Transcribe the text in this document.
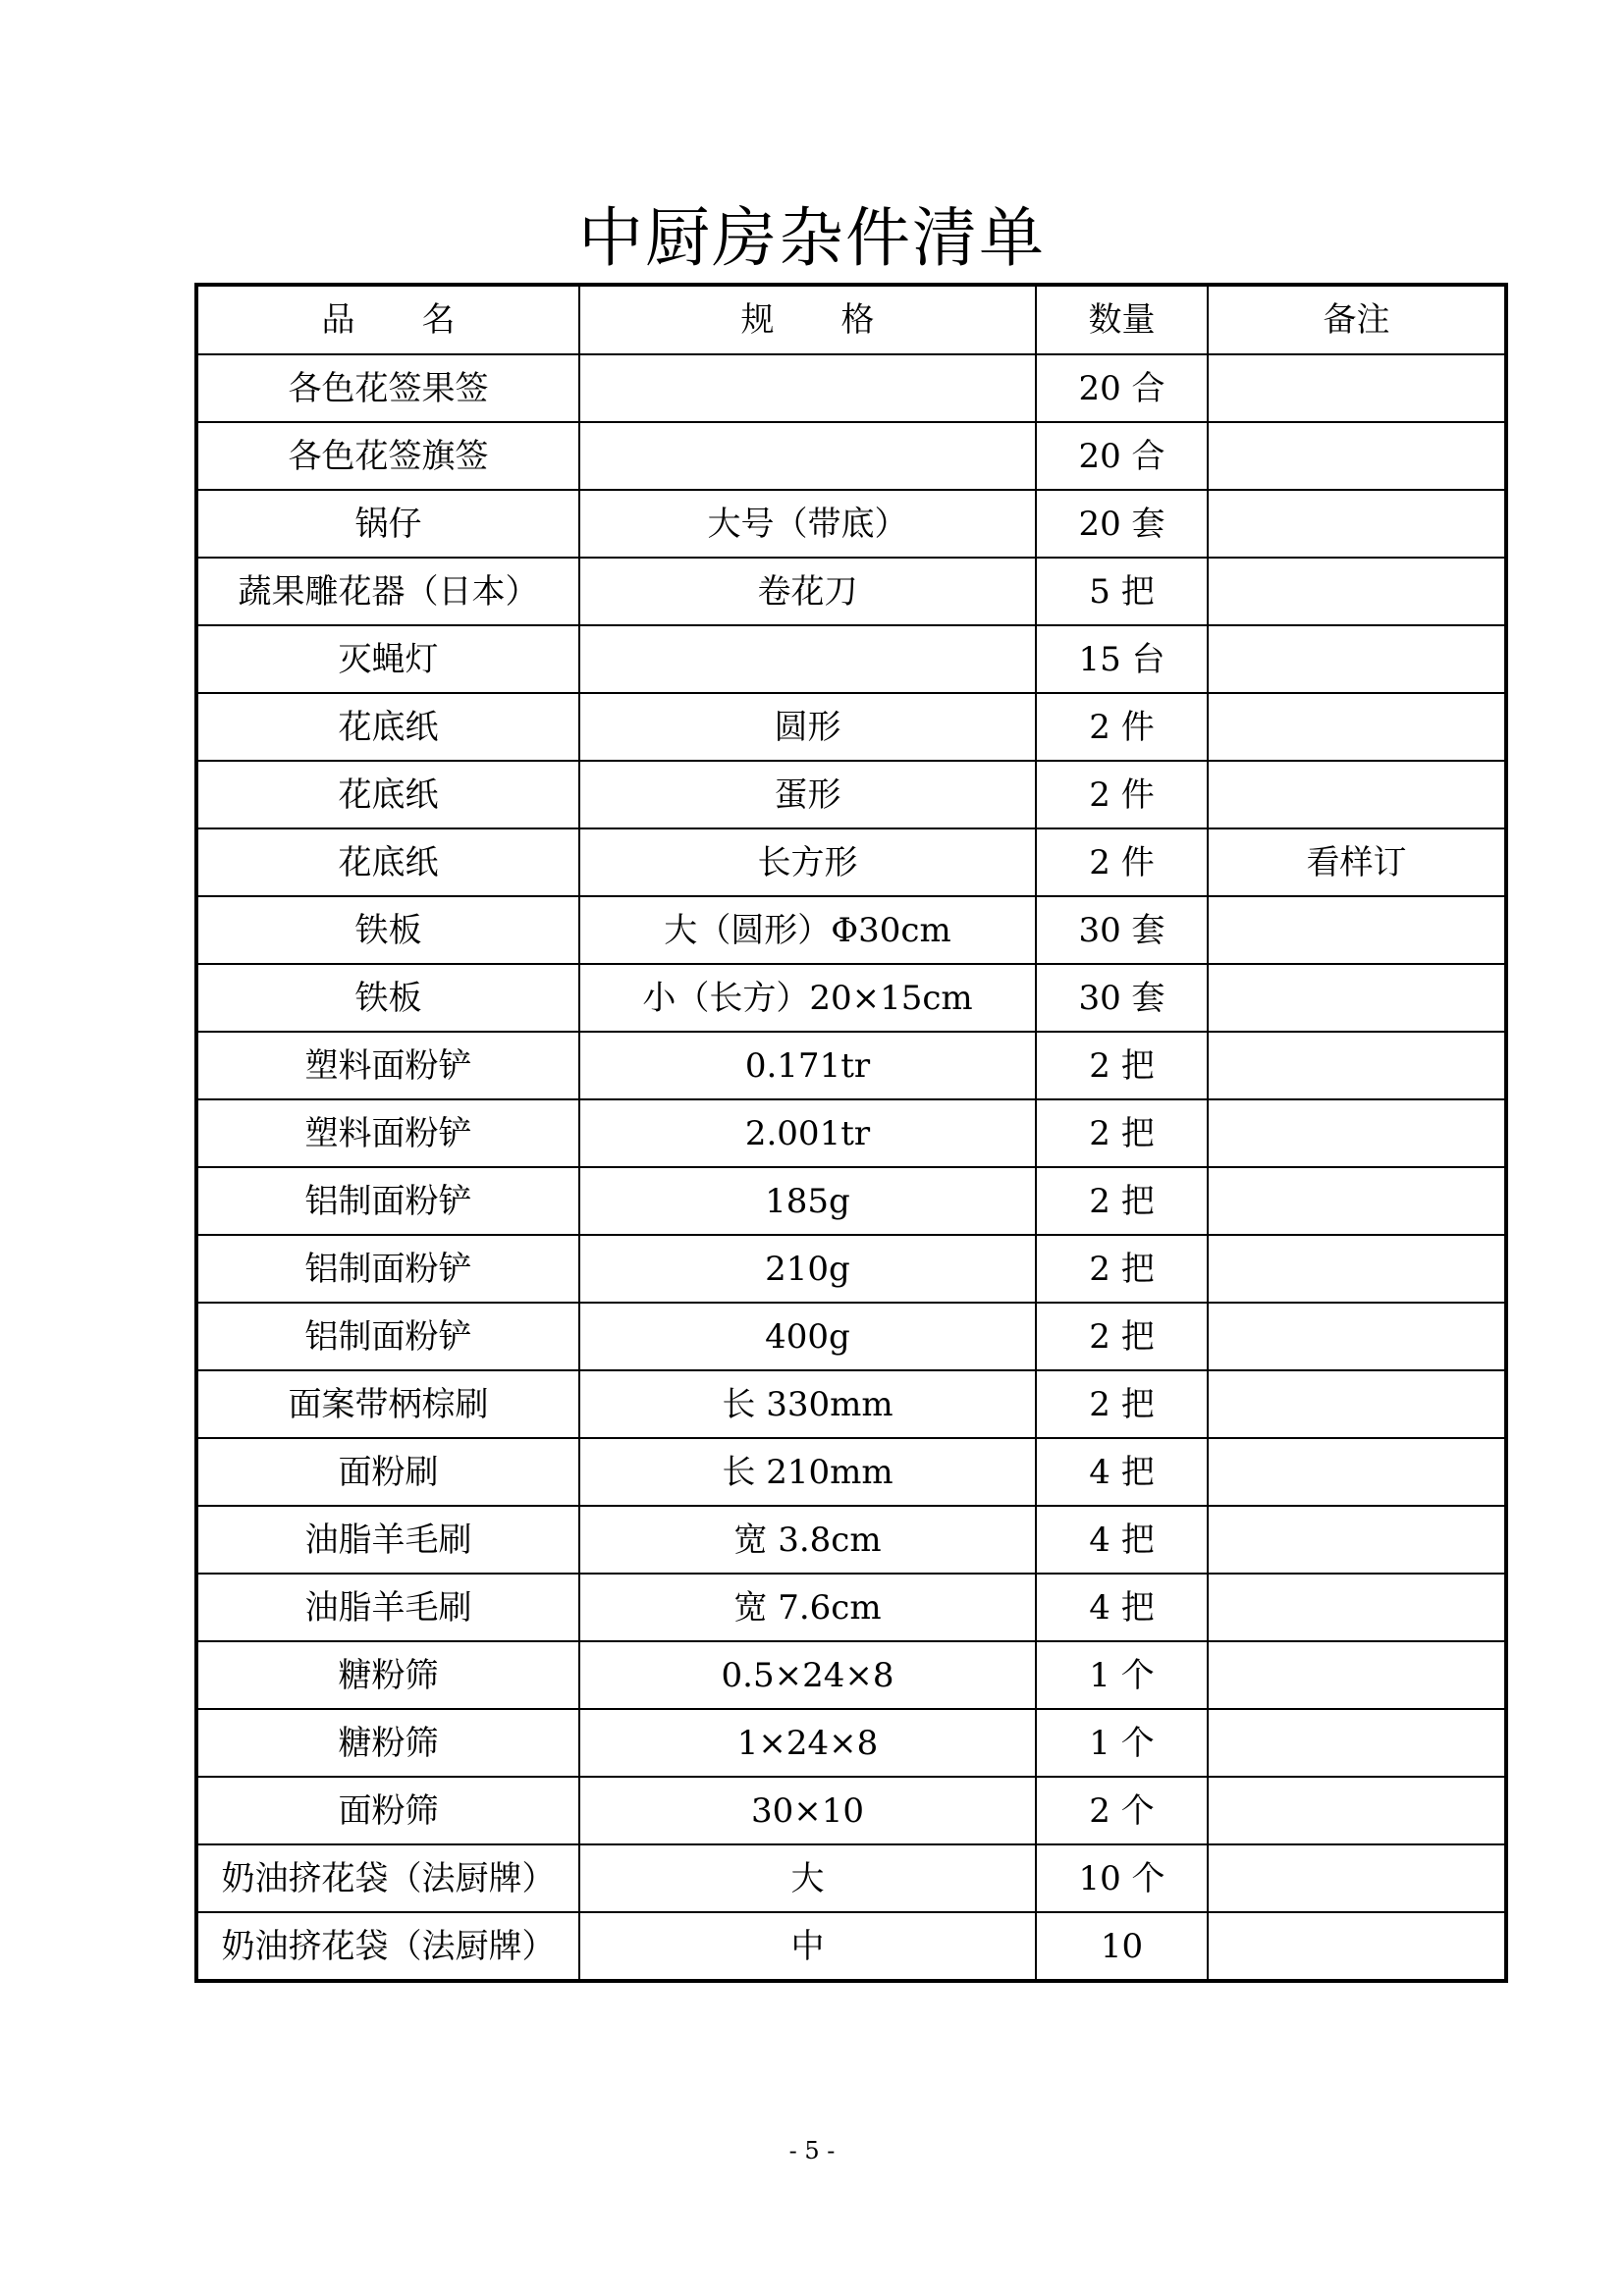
中厨房杂件清单
品　　名	规　　格	数量	备注
各色花签果签		20 合	
各色花签旗签		20 合	
锅仔	大号（带底）	20 套	
蔬果雕花器（日本）	卷花刀	5 把	
灭蝇灯		15 台	
花底纸	圆形	2 件	
花底纸	蛋形	2 件	
花底纸	长方形	2 件	看样订
铁板	大（圆形）Φ30cm	30 套	
铁板	小（长方）20×15cm	30 套	
塑料面粉铲	0.171tr	2 把	
塑料面粉铲	2.001tr	2 把	
铝制面粉铲	185g	2 把	
铝制面粉铲	210g	2 把	
铝制面粉铲	400g	2 把	
面案带柄棕刷	长 330mm	2 把	
面粉刷	长 210mm	4 把	
油脂羊毛刷	宽 3.8cm	4 把	
油脂羊毛刷	宽 7.6cm	4 把	
糖粉筛	0.5×24×8	1 个	
糖粉筛	1×24×8	1 个	
面粉筛	30×10	2 个	
奶油挤花袋（法厨牌）	大	10 个	
奶油挤花袋（法厨牌）	中	10	
- 5 -
